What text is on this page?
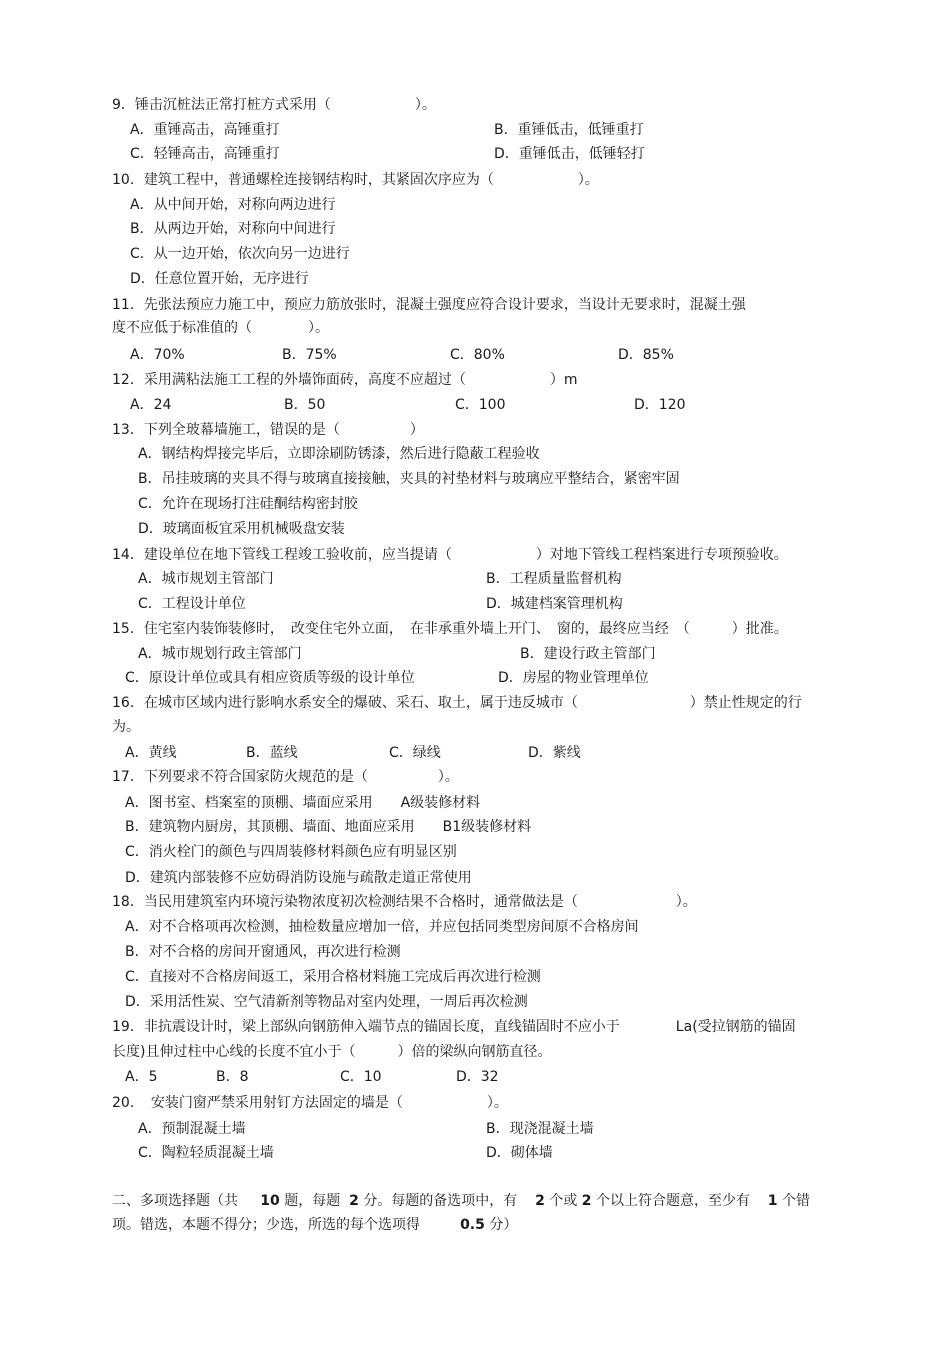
9．锤击沉桩法正常打桩方式采用（　　　　　　）。
A．重锤高击，高锤重打	B．重锤低击，低锤重打
C．轻锤高击，高锤重打	D．重锤低击，低锤轻打
10．建筑工程中，普通螺栓连接钢结构时，其紧固次序应为（　　　　　　）。
A．从中间开始，对称向两边进行
B．从两边开始，对称向中间进行
C．从一边开始，依次向另一边进行
D．任意位置开始，无序进行
11．先张法预应力施工中，预应力筋放张时，混凝土强度应符合设计要求，当设计无要求时，混凝土强
度不应低于标准值的（　　　　）。
A．70%	B．75%	C．80%	D．85%
12．采用满粘法施工工程的外墙饰面砖，高度不应超过（　　　　　　）m
A．24	B．50	C．100	D．120
13．下列全玻幕墙施工，错误的是（　　　　　）
A．钢结构焊接完毕后，立即涂刷防锈漆，然后进行隐蔽工程验收
B．吊挂玻璃的夹具不得与玻璃直接接触，夹具的衬垫材料与玻璃应平整结合，紧密牢固
C．允许在现场打注硅酮结构密封胶
D．玻璃面板宜采用机械吸盘安装
14．建设单位在地下管线工程竣工验收前，应当提请（　　　　　　）对地下管线工程档案进行专项预验收。
A．城市规划主管部门	B．工程质量监督机构
C．工程设计单位	D．城建档案管理机构
15．住宅室内装饰装修时，　改变住宅外立面，　在非承重外墙上开门、　窗的，最终应当经　（　　　）批准。
A．城市规划行政主管部门	B．建设行政主管部门
C．原设计单位或具有相应资质等级的设计单位	D．房屋的物业管理单位
16．在城市区域内进行影响水系安全的爆破、采石、取土，属于违反城市（　　　　　　　　）禁止性规定的行
为。
A．黄线	B．蓝线	C．绿线	D．紫线
17．下列要求不符合国家防火规范的是（　　　　　）。
A．图书室、档案室的顶棚、墙面应采用　　A级装修材料
B．建筑物内厨房，其顶棚、墙面、地面应采用　　B1级装修材料
C．消火栓门的颜色与四周装修材料颜色应有明显区别
D．建筑内部装修不应妨碍消防设施与疏散走道正常使用
18．当民用建筑室内环境污染物浓度初次检测结果不合格时，通常做法是（　　　　　　　）。
A．对不合格项再次检测，抽检数量应增加一倍，并应包括同类型房间原不合格房间
B．对不合格的房间开窗通风，再次进行检测
C．直接对不合格房间返工，采用合格材料施工完成后再次进行检测
D．采用活性炭、空气清新剂等物品对室内处理，一周后再次检测
19．非抗震设计时，梁上部纵向钢筋伸入端节点的锚固长度，直线锚固时不应小于　　　　La(受拉钢筋的锚固
长度)且伸过柱中心线的长度不宜小于（　　　）倍的梁纵向钢筋直径。
A．5	B．8	C．10	D．32
20．　安装门窗严禁采用射钉方法固定的墙是（　　　　　　）。
A．预制混凝土墙	B．现浇混凝土墙
C．陶粒轻质混凝土墙	D．砌体墙
二、多项选择题（共 10 题，每题 2 分。每题的备选项中，有 2 个或 2 个以上符合题意，至少有 1 个错
项。错选，本题不得分；少选，所选的每个选项得	0.5 分）
